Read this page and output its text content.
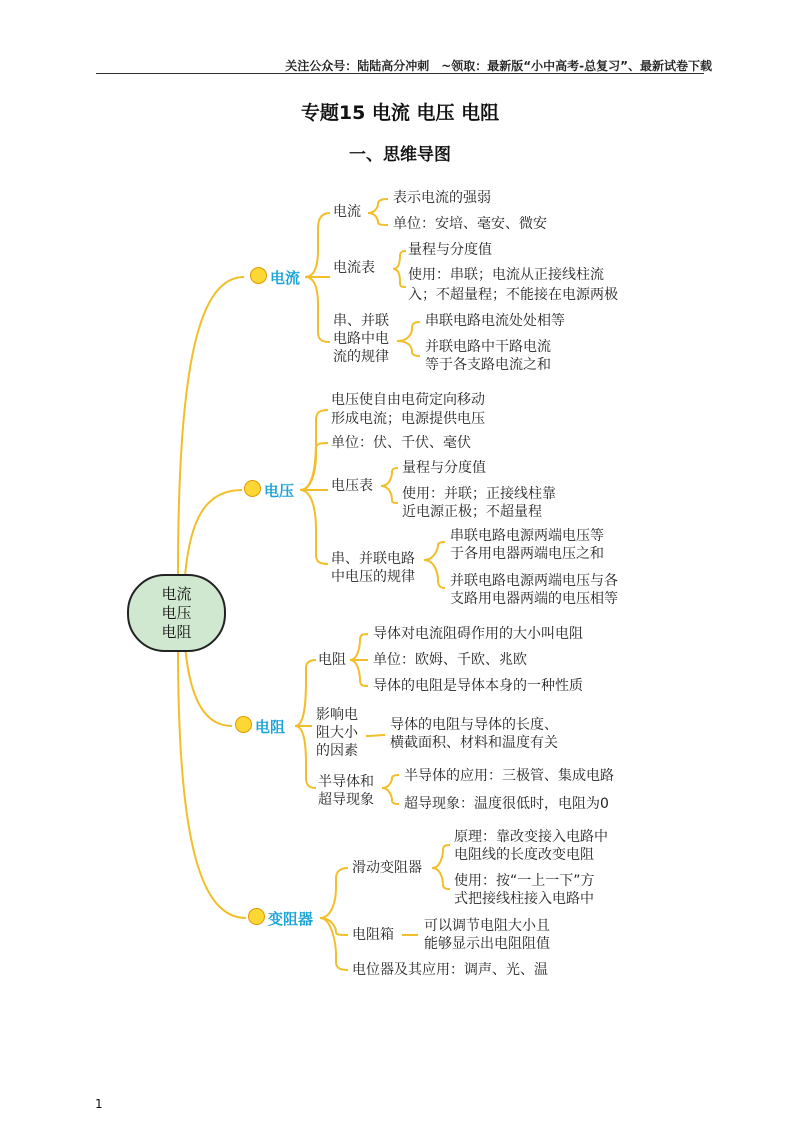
关注公众号：陆陆高分冲刺　~领取：最新版“小中高考-总复习”、最新试卷下载
专题15 电流 电压 电阻
一、思维导图
电流
电压
电阻
电流
电流
表示电流的强弱
单位：安培、毫安、微安
电流表
量程与分度值
使用：串联；电流从正接线柱流
入；不超量程；不能接在电源两极
串、并联
电路中电
流的规律
串联电路电流处处相等
并联电路中干路电流
等于各支路电流之和
电压
电压使自由电荷定向移动
形成电流；电源提供电压
单位：伏、千伏、毫伏
电压表
量程与分度值
使用：并联；正接线柱靠
近电源正极；不超量程
串、并联电路
中电压的规律
串联电路电源两端电压等
于各用电器两端电压之和
并联电路电源两端电压与各
支路用电器两端的电压相等
电阻
电阻
导体对电流阻碍作用的大小叫电阻
单位：欧姆、千欧、兆欧
导体的电阻是导体本身的一种性质
影响电
阻大小
的因素
导体的电阻与导体的长度、
横截面积、材料和温度有关
半导体和
超导现象
半导体的应用：三极管、集成电路
超导现象：温度很低时，电阻为0
变阻器
滑动变阻器
原理：靠改变接入电路中
电阻线的长度改变电阻
使用：按“一上一下”方
式把接线柱接入电路中
电阻箱
可以调节电阻大小且
能够显示出电阻阻值
电位器及其应用：调声、光、温
1
